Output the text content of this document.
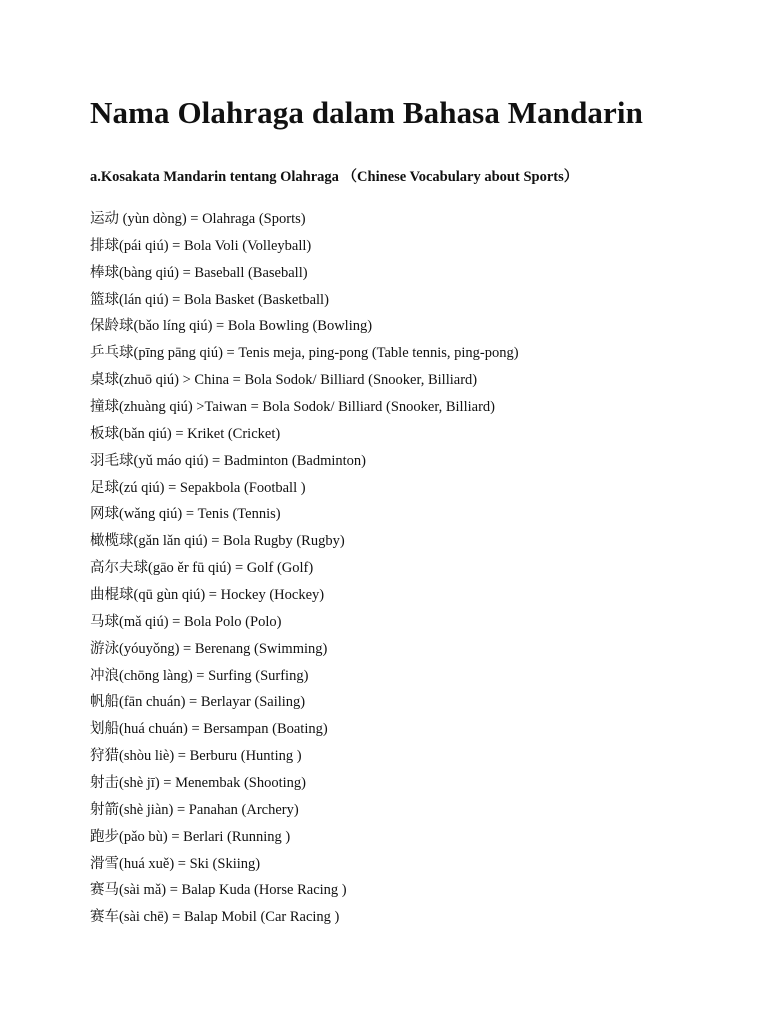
Nama Olahraga dalam Bahasa Mandarin
a.Kosakata Mandarin tentang Olahraga （Chinese Vocabulary about Sports）
运动 (yùn dòng) = Olahraga (Sports)
排球(pái qiú) = Bola Voli (Volleyball)
棒球(bàng qiú) = Baseball (Baseball)
篮球(lán qiú) = Bola Basket (Basketball)
保龄球(bǎo líng qiú) = Bola Bowling (Bowling)
乒乓球(pīng pāng qiú) = Tenis meja, ping-pong (Table tennis, ping-pong)
桌球(zhuō qiú) > China = Bola Sodok/ Billiard (Snooker, Billiard)
撞球(zhuàng qiú) >Taiwan = Bola Sodok/ Billiard (Snooker, Billiard)
板球(bǎn qiú) = Kriket (Cricket)
羽毛球(yǔ máo qiú) = Badminton (Badminton)
足球(zú qiú) = Sepakbola (Football )
网球(wǎng qiú) = Tenis (Tennis)
橄榄球(gǎn lǎn qiú) = Bola Rugby (Rugby)
高尔夫球(gāo ěr fū qiú) = Golf (Golf)
曲棍球(qū gùn qiú) = Hockey (Hockey)
马球(mǎ qiú) = Bola Polo (Polo)
游泳(yóuyǒng) = Berenang (Swimming)
冲浪(chōng làng) = Surfing (Surfing)
帆船(fān chuán) = Berlayar (Sailing)
划船(huá chuán) = Bersampan (Boating)
狩猎(shòu liè) = Berburu (Hunting )
射击(shè jī) = Menembak (Shooting)
射箭(shè jiàn) = Panahan (Archery)
跑步(pǎo bù) = Berlari (Running )
滑雪(huá xuě) = Ski (Skiing)
赛马(sài mǎ) = Balap Kuda (Horse Racing )
赛车(sài chē) = Balap Mobil (Car Racing )
